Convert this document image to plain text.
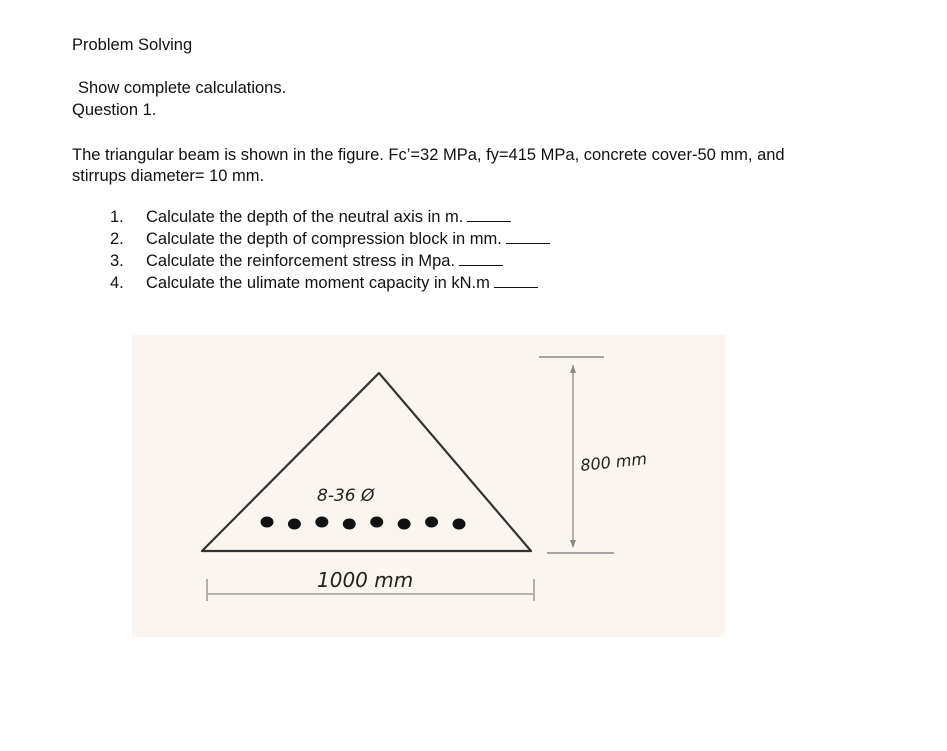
Problem Solving
Show complete calculations.
Question 1.
The triangular beam is shown in the figure. Fc’=32 MPa, fy=415 MPa, concrete cover-50 mm, and
stirrups diameter= 10 mm.
1. Calculate the depth of the neutral axis in m.
2. Calculate the depth of compression block in mm.
3. Calculate the reinforcement stress in Mpa.
4. Calculate the ulimate moment capacity in kN.m
8-36 Ø
800 mm
1000 mm
